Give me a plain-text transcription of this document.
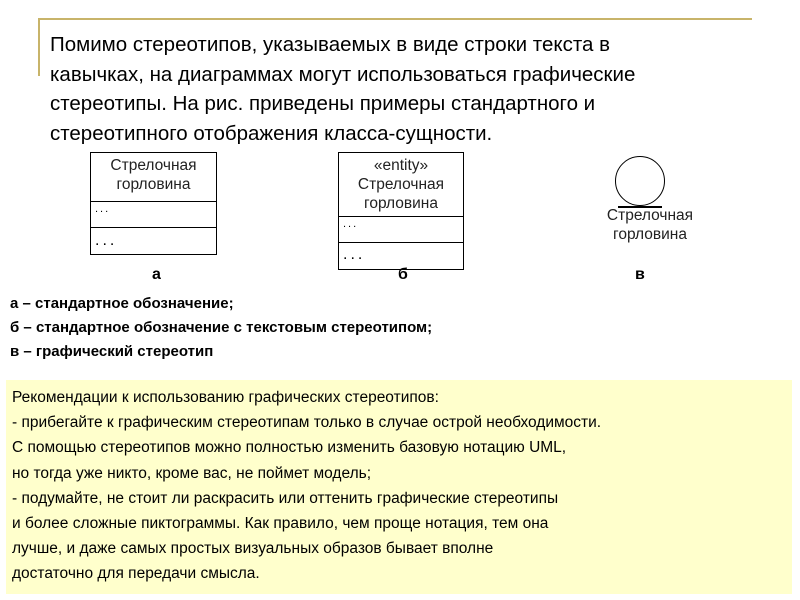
Помимо стереотипов, указываемых в виде строки текста в
кавычках, на диаграммах могут использоваться графические
стереотипы. На рис. приведены примеры стандартного и
стереотипного отображения класса-сущности.
Стрелочная
горловина
...
...
«entity»
Стрелочная
горловина
...
...
Стрелочная
горловина
а	б	в
а – стандартное обозначение;
б – стандартное обозначение с текстовым стереотипом;
в – графический стереотип
Рекомендации к использованию графических стереотипов:
- прибегайте к графическим стереотипам только в случае острой необходимости.
С помощью стереотипов можно полностью изменить базовую нотацию UML,
но тогда уже никто, кроме вас, не поймет модель;
- подумайте, не стоит ли раскрасить или оттенить графические стереотипы
и более сложные пиктограммы. Как правило, чем проще нотация, тем она
лучше, и даже самых простых визуальных образов бывает вполне
достаточно для передачи смысла.
